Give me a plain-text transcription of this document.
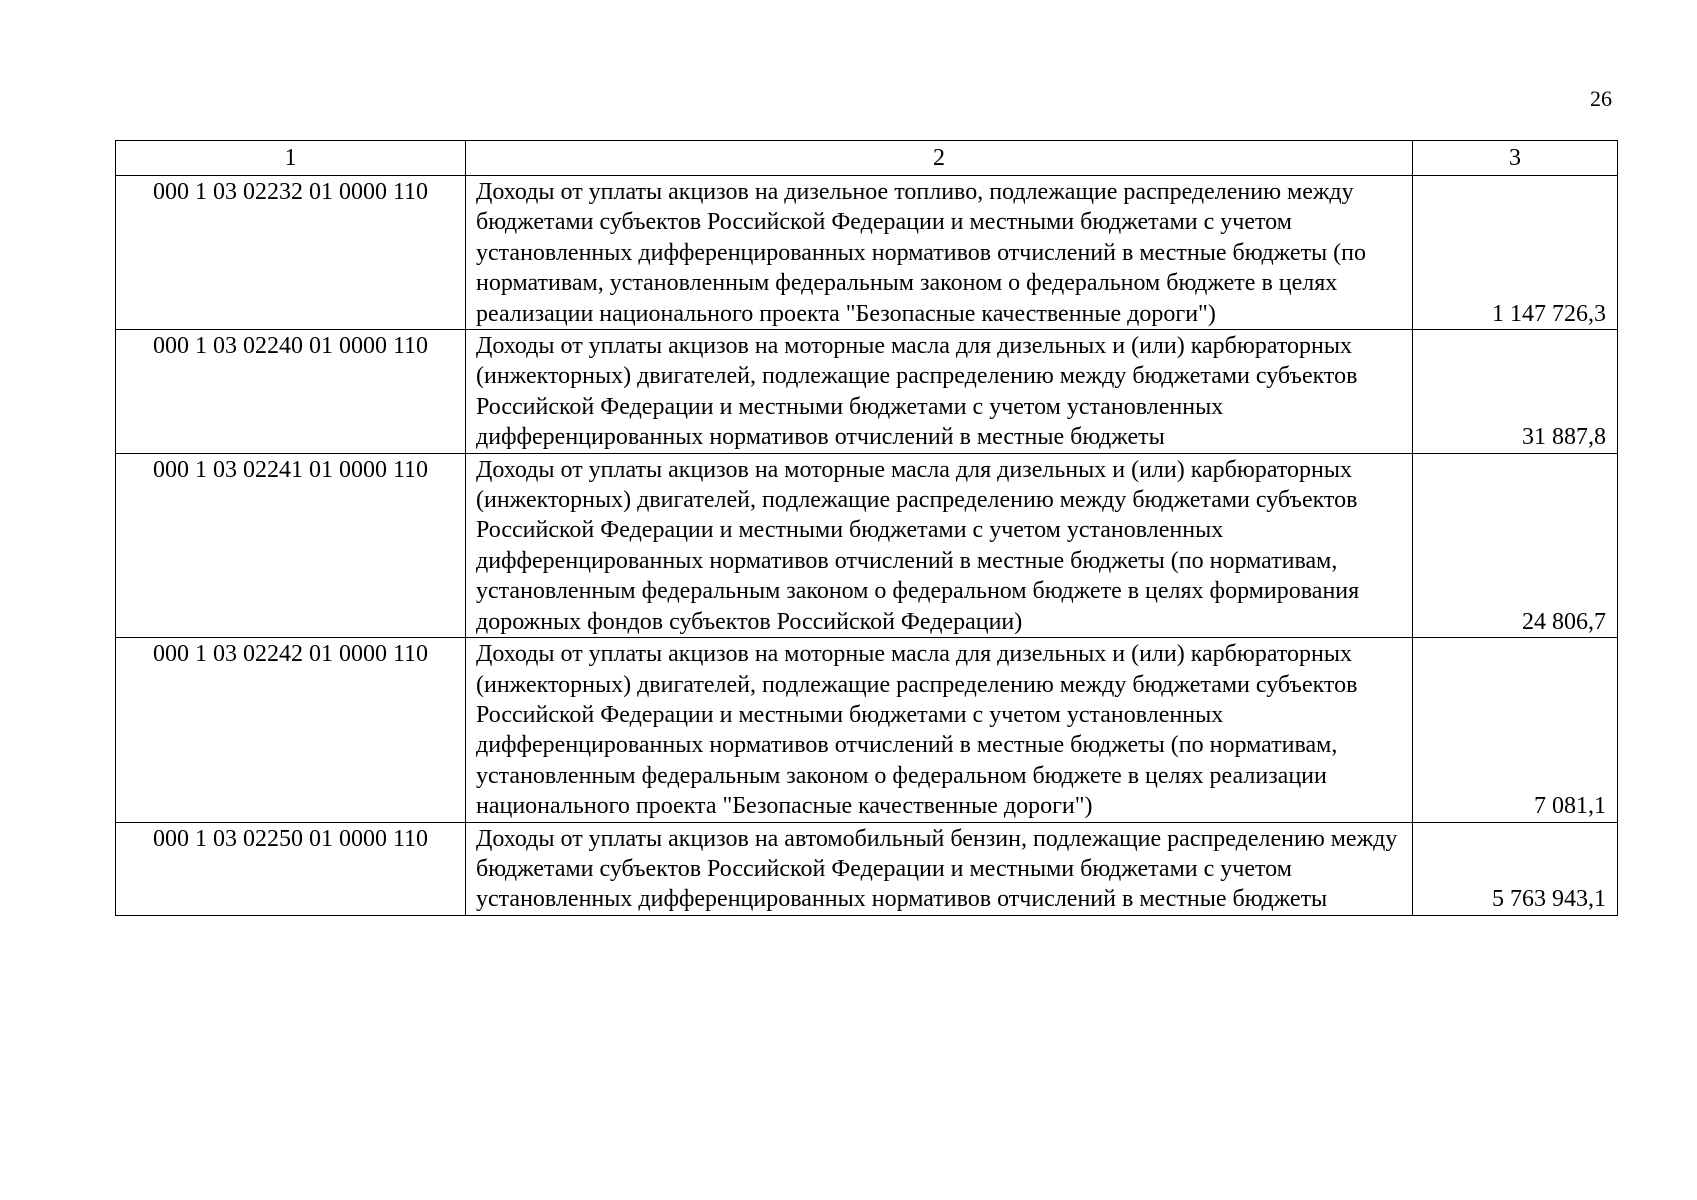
26
1	2	3
000 1 03 02232 01 0000 110	Доходы от уплаты акцизов на дизельное топливо, подлежащие распределению между бюджетами субъектов Российской Федерации и местными бюджетами с учетом установленных дифференцированных нормативов отчислений в местные бюджеты (по нормативам, установленным федеральным законом о федеральном бюджете в целях реализации национального проекта "Безопасные качественные дороги")	1 147 726,3
000 1 03 02240 01 0000 110	Доходы от уплаты акцизов на моторные масла для дизельных и (или) карбюраторных (инжекторных) двигателей, подлежащие распределению между бюджетами субъектов Российской Федерации и местными бюджетами с учетом установленных дифференцированных нормативов отчислений в местные бюджеты	31 887,8
000 1 03 02241 01 0000 110	Доходы от уплаты акцизов на моторные масла для дизельных и (или) карбюраторных (инжекторных) двигателей, подлежащие распределению между бюджетами субъектов Российской Федерации и местными бюджетами с учетом установленных дифференцированных нормативов отчислений в местные бюджеты (по нормативам, установленным федеральным законом о федеральном бюджете в целях формирования дорожных фондов субъектов Российской Федерации)	24 806,7
000 1 03 02242 01 0000 110	Доходы от уплаты акцизов на моторные масла для дизельных и (или) карбюраторных (инжекторных) двигателей, подлежащие распределению между бюджетами субъектов Российской Федерации и местными бюджетами с учетом установленных дифференцированных нормативов отчислений в местные бюджеты (по нормативам, установленным федеральным законом о федеральном бюджете в целях реализации национального проекта "Безопасные качественные дороги")	7 081,1
000 1 03 02250 01 0000 110	Доходы от уплаты акцизов на автомобильный бензин, подлежащие распределению между бюджетами субъектов Российской Федерации и местными бюджетами с учетом установленных дифференцированных нормативов отчислений в местные бюджеты	5 763 943,1
